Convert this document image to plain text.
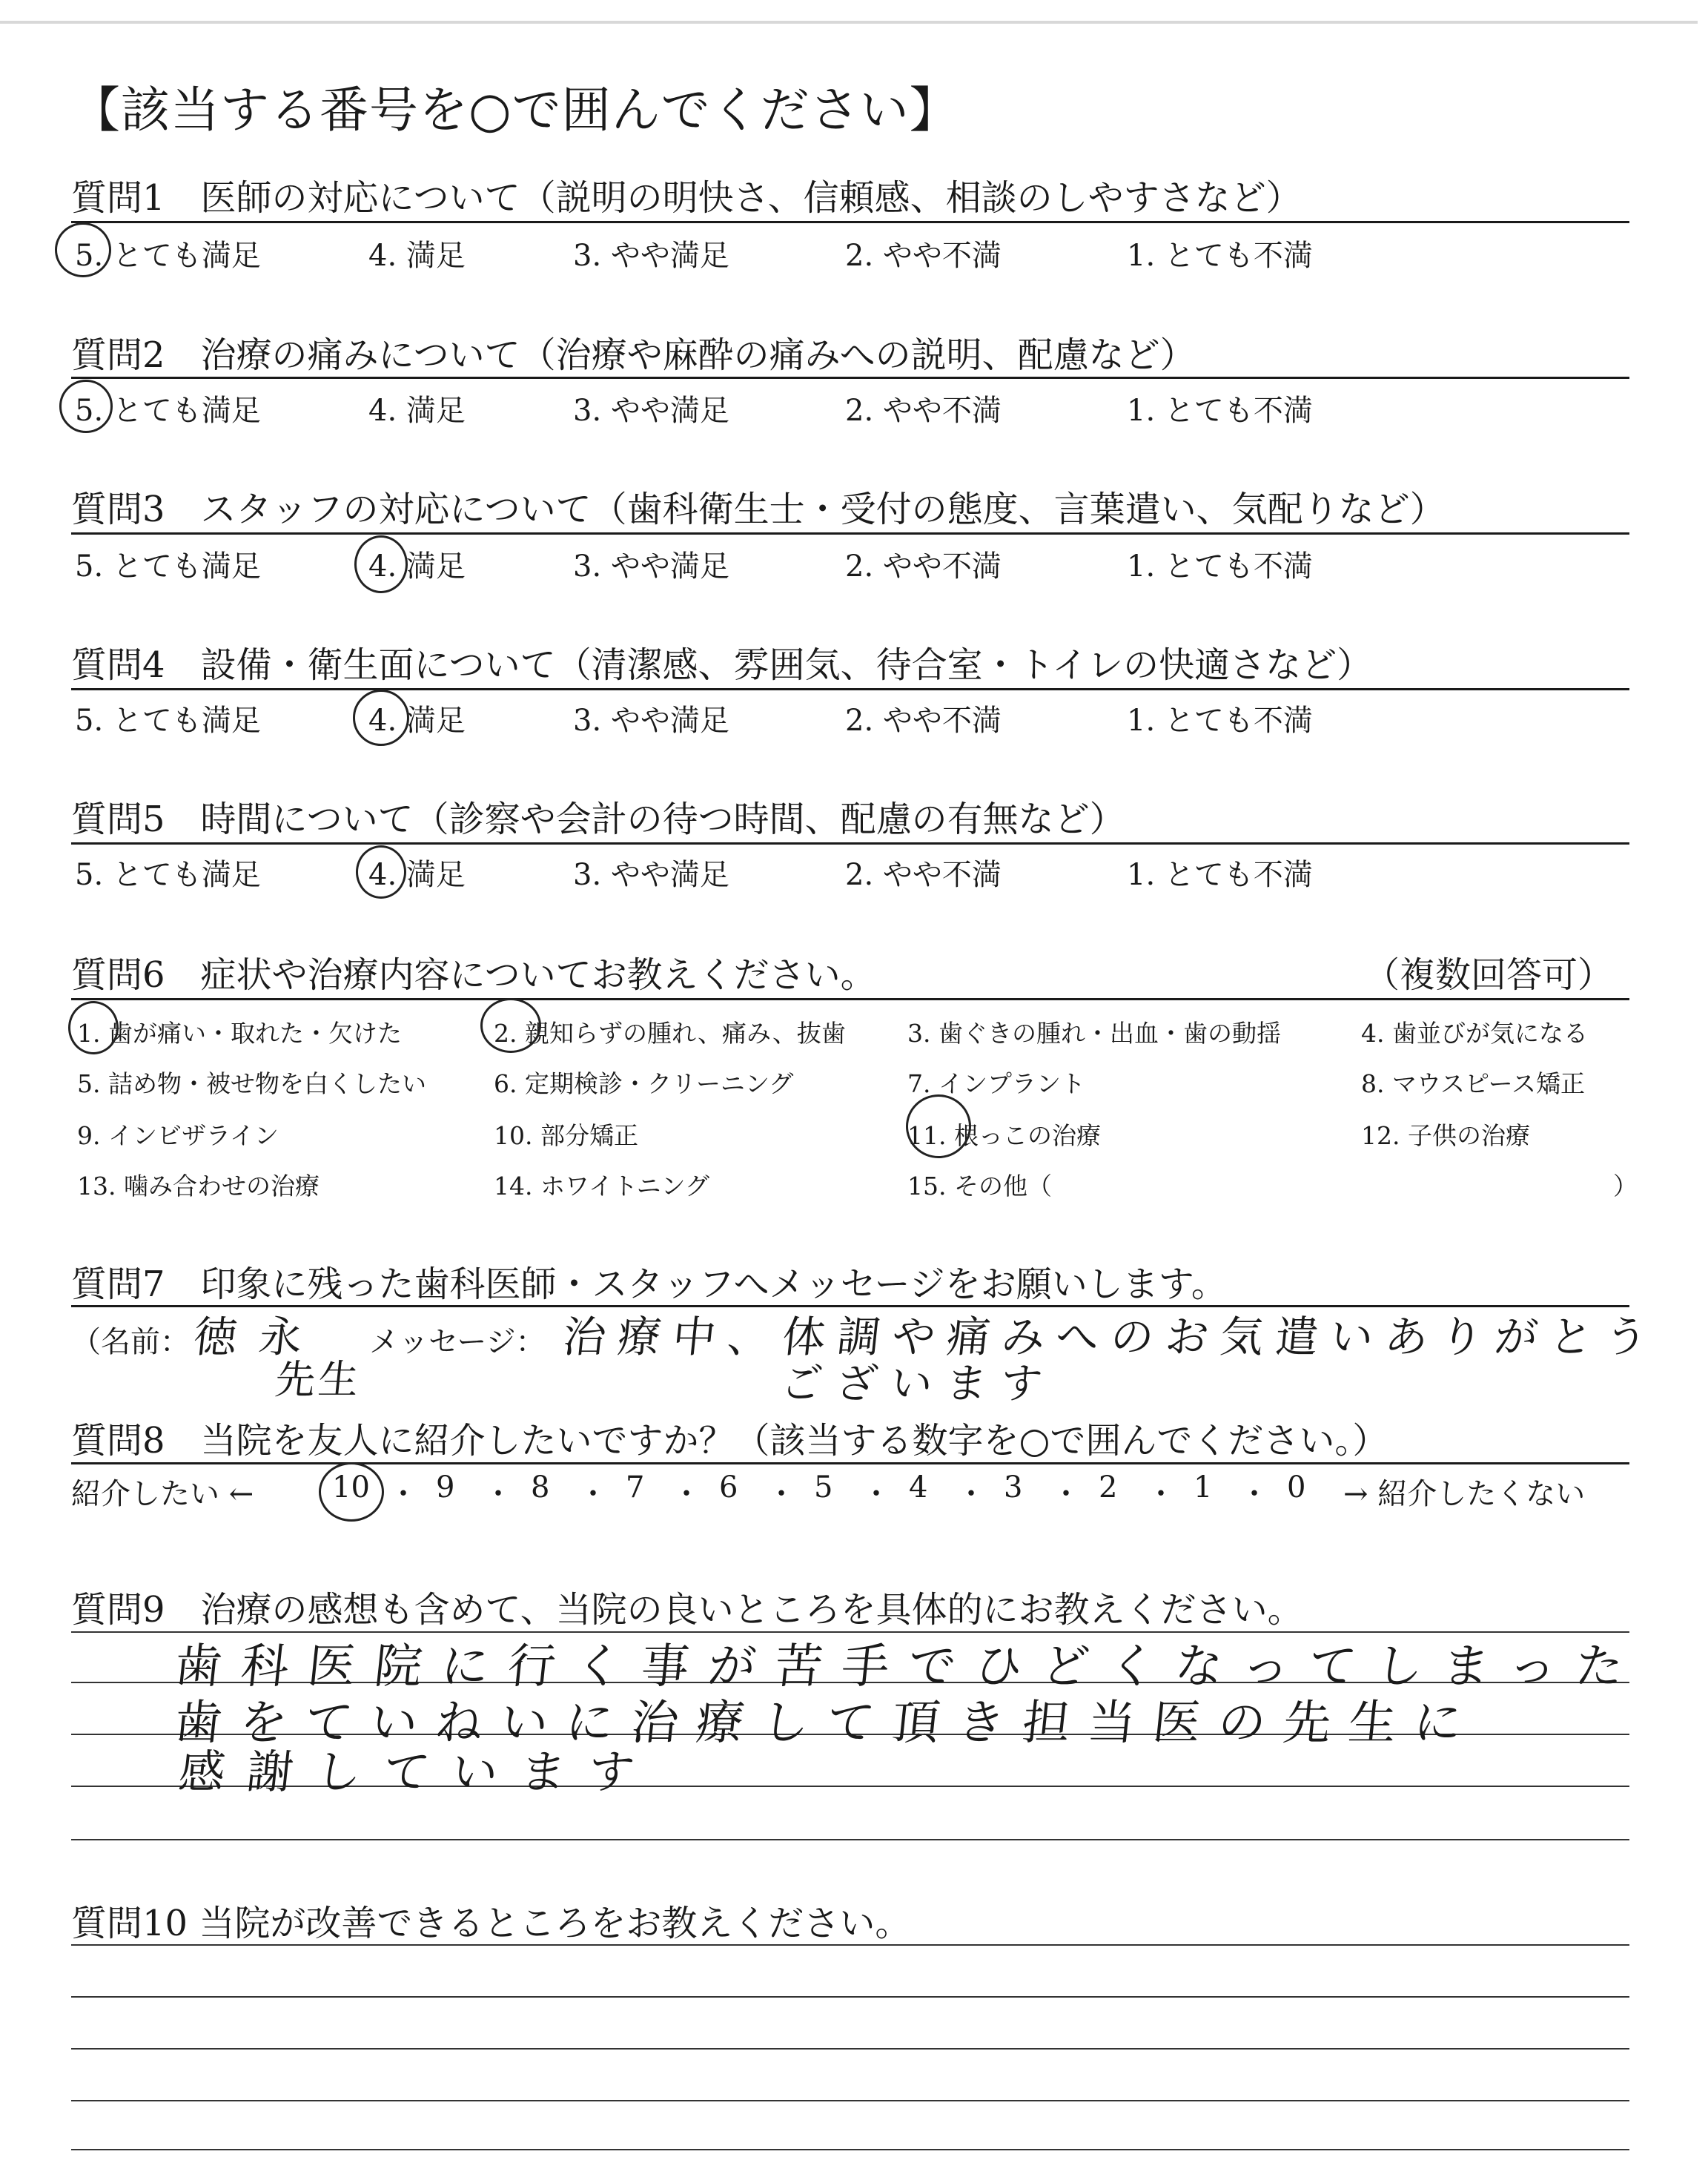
【該当する番号を○で囲んでください】
質問1　医師の対応について（説明の明快さ、信頼感、相談のしやすさなど）
5. とても満足	4. 満足	3. やや満足	2. やや不満	1. とても不満
質問2　治療の痛みについて（治療や麻酔の痛みへの説明、配慮など）
5. とても満足	4. 満足	3. やや満足	2. やや不満	1. とても不満
質問3　スタッフの対応について（歯科衛生士・受付の態度、言葉遣い、気配りなど）
5. とても満足	4. 満足	3. やや満足	2. やや不満	1. とても不満
質問4　設備・衛生面について（清潔感、雰囲気、待合室・トイレの快適さなど）
5. とても満足	4. 満足	3. やや満足	2. やや不満	1. とても不満
質問5　時間について（診察や会計の待つ時間、配慮の有無など）
5. とても満足	4. 満足	3. やや満足	2. やや不満	1. とても不満
質問6　症状や治療内容についてお教えください。	（複数回答可）
1. 歯が痛い・取れた・欠けた	2. 親知らずの腫れ、痛み、抜歯	3. 歯ぐきの腫れ・出血・歯の動揺	4. 歯並びが気になる
5. 詰め物・被せ物を白くしたい	6. 定期検診・クリーニング	7. インプラント	8. マウスピース矯正
9. インビザライン	10. 部分矯正	11. 根っこの治療	12. 子供の治療
13. 噛み合わせの治療	14. ホワイトニング	15. その他（	）
質問7　印象に残った歯科医師・スタッフへメッセージをお願いします。
（名前：	メッセージ：
徳永
先生
治療中、体調や痛みへのお気遣いありがとう
ございます
質問8　当院を友人に紹介したいですか？（該当する数字を○で囲んでください。）
紹介したい ←	10 ・ 9 ・ 8 ・ 7 ・ 6 ・ 5 ・ 4 ・ 3 ・ 2 ・ 1 ・ 0 → 紹介したくない
質問9　治療の感想も含めて、当院の良いところを具体的にお教えください。
歯科医院に行く事が苦手でひどくなってしまった
歯をていねいに治療して頂き担当医の先生に
感謝しています
質問10 当院が改善できるところをお教えください。
